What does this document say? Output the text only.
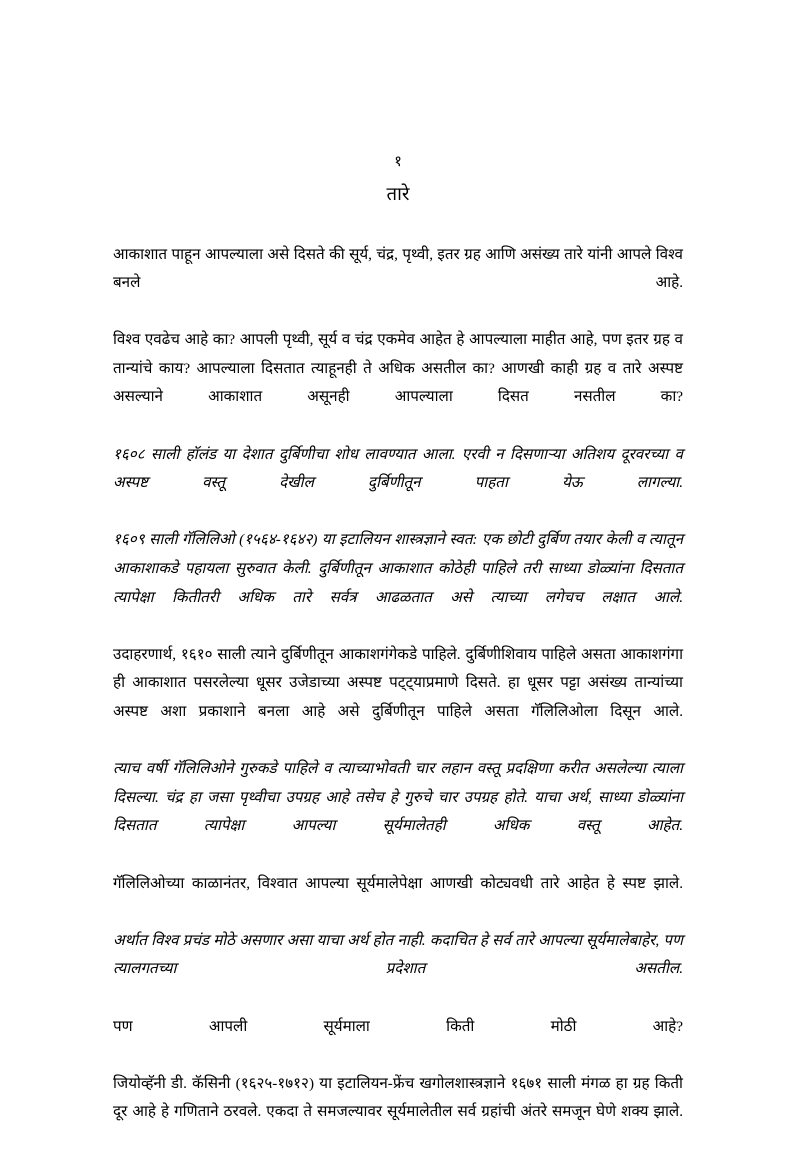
१
तारे

आकाशात पाहून आपल्याला असे दिसते की सूर्य, चंद्र, पृथ्वी, इतर ग्रह आणि असंख्य तारे यांनी आपले विश्व बनले आहे.

विश्व एवढेच आहे का? आपली पृथ्वी, सूर्य व चंद्र एकमेव आहेत हे आपल्याला माहीत आहे, पण इतर ग्रह व तान्यांचे काय? आपल्याला दिसतात त्याहूनही ते अधिक असतील का? आणखी काही ग्रह व तारे अस्पष्ट असल्याने आकाशात असूनही आपल्याला दिसत नसतील का?

१६०८ साली हॉलंड या देशात दुर्बिणीचा शोध लावण्यात आला. एरवी न दिसणाऱ्या अतिशय दूरवरच्या व अस्पष्ट वस्तू देखील दुर्बिणीतून पाहता येऊ लागल्या.

१६०९ साली गॅलिलिओ (१५६४-१६४२) या इटालियन शास्त्रज्ञाने स्वत: एक छोटी दुर्बिण तयार केली व त्यातून आकाशाकडे पहायला सुरुवात केली. दुर्बिणीतून आकाशात कोठेही पाहिले तरी साध्या डोळ्यांना दिसतात त्यापेक्षा कितीतरी अधिक तारे सर्वत्र आढळतात असे त्याच्या लगेचच लक्षात आले.

उदाहरणार्थ, १६१० साली त्याने दुर्बिणीतून आकाशगंगेकडे पाहिले. दुर्बिणीशिवाय पाहिले असता आकाशगंगा ही आकाशात पसरलेल्या धूसर उजेडाच्या अस्पष्ट पट्ट्याप्रमाणे दिसते. हा धूसर पट्टा असंख्य तान्यांच्या अस्पष्ट अशा प्रकाशाने बनला आहे असे दुर्बिणीतून पाहिले असता गॅलिलिओला दिसून आले.

त्याच वर्षी गॅलिलिओने गुरुकडे पाहिले व त्याच्याभोवती चार लहान वस्तू प्रदक्षिणा करीत असलेल्या त्याला दिसल्या. चंद्र हा जसा पृथ्वीचा उपग्रह आहे तसेच हे गुरुचे चार उपग्रह होते. याचा अर्थ, साध्या डोळ्यांना दिसतात त्यापेक्षा आपल्या सूर्यमालेतही अधिक वस्तू आहेत.

गॅलिलिओच्या काळानंतर, विश्वात आपल्या सूर्यमालेपेक्षा आणखी कोट्यवधी तारे आहेत हे स्पष्ट झाले.

अर्थात विश्व प्रचंड मोठे असणार असा याचा अर्थ होत नाही. कदाचित हे सर्व तारे आपल्या सूर्यमालेबाहेर, पण त्यालगतच्या प्रदेशात असतील.

पण आपली सूर्यमाला किती मोठी आहे?

जियोव्हॅनी डी. कॅसिनी (१६२५-१७१२) या इटालियन-फ्रेंच खगोलशास्त्रज्ञाने १६७१ साली मंगळ हा ग्रह किती दूर आहे हे गणिताने ठरवले. एकदा ते समजल्यावर सूर्यमालेतील सर्व ग्रहांची अंतरे समजून घेणे शक्य झाले.
